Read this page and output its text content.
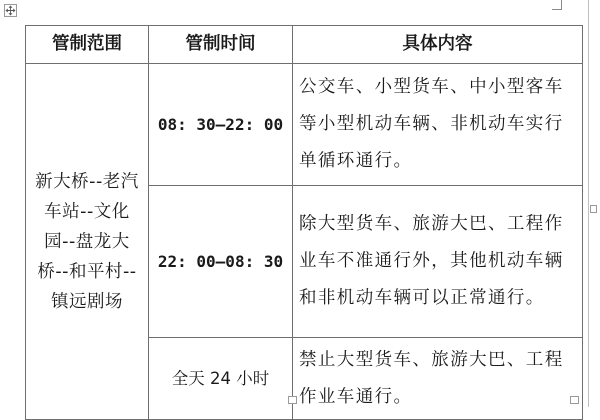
管制范围	管制时间	具体内容
新大桥--老汽车站--文化园--盘龙大桥--和平村--镇远剧场	08: 30—22: 00	公交车、小型货车、中小型客车等小型机动车辆、非机动车实行单循环通行。
	22: 00—08: 30	除大型货车、旅游大巴、工程作业车不准通行外，其他机动车辆和非机动车辆可以正常通行。
	全天 24 小时	禁止大型货车、旅游大巴、工程作业车通行。
